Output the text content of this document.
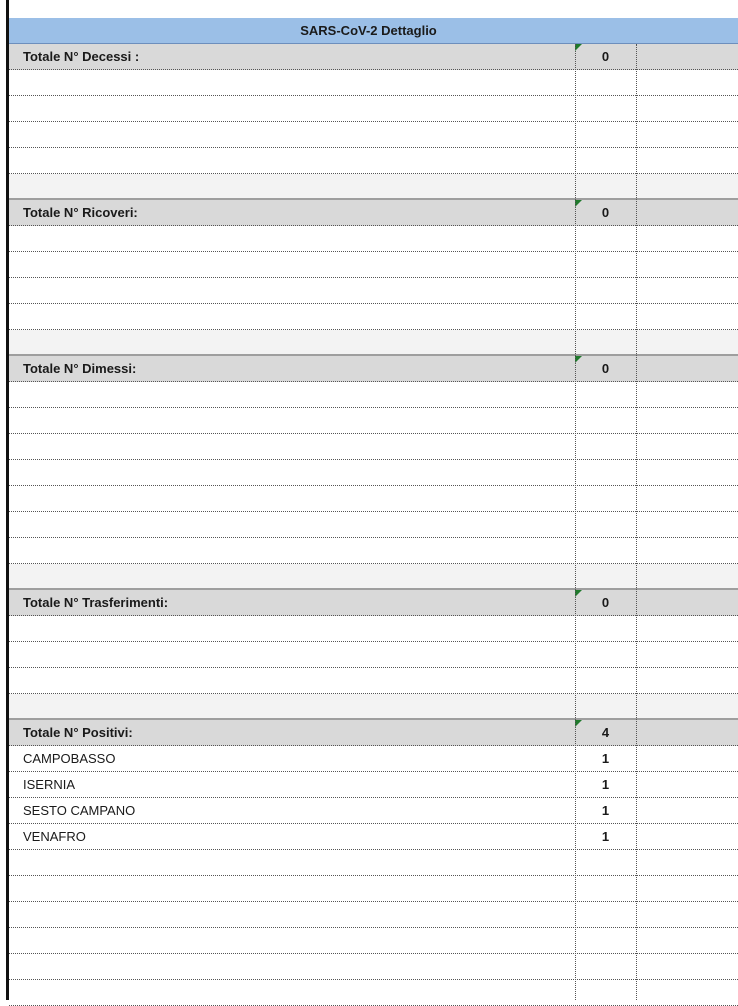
SARS-CoV-2 Dettaglio
Totale N° Decessi :	0
Totale N° Ricoveri:	0
Totale N° Dimessi:	0
Totale N° Trasferimenti:	0
Totale N° Positivi:	4
CAMPOBASSO	1
ISERNIA	1
SESTO CAMPANO	1
VENAFRO	1
